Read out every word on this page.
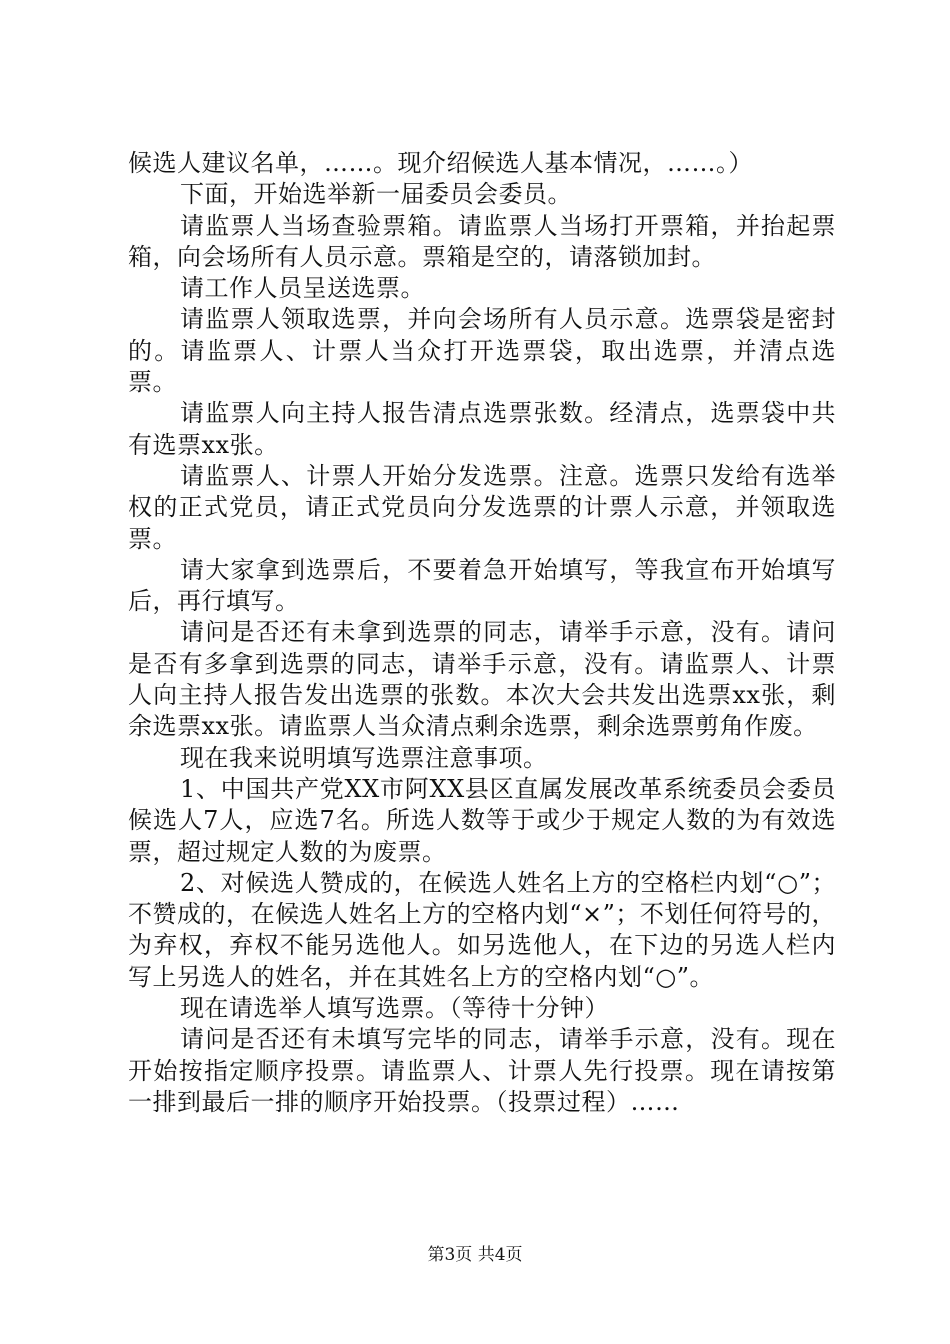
候选人建议名单，……。现介绍候选人基本情况，……。）

下面，开始选举新一届委员会委员。

请监票人当场查验票箱。请监票人当场打开票箱，并抬起票箱，向会场所有人员示意。票箱是空的，请落锁加封。

请工作人员呈送选票。

请监票人领取选票，并向会场所有人员示意。选票袋是密封的。请监票人、计票人当众打开选票袋，取出选票，并清点选票。

请监票人向主持人报告清点选票张数。经清点，选票袋中共有选票xx张。

请监票人、计票人开始分发选票。注意。选票只发给有选举权的正式党员，请正式党员向分发选票的计票人示意，并领取选票。

请大家拿到选票后，不要着急开始填写，等我宣布开始填写后，再行填写。

请问是否还有未拿到选票的同志，请举手示意，没有。请问是否有多拿到选票的同志，请举手示意，没有。请监票人、计票人向主持人报告发出选票的张数。本次大会共发出选票xx张，剩余选票xx张。请监票人当众清点剩余选票，剩余选票剪角作废。

现在我来说明填写选票注意事项。

1、中国共产党XX市阿XX县区直属发展改革系统委员会委员候选人7人，应选7名。所选人数等于或少于规定人数的为有效选票，超过规定人数的为废票。

2、对候选人赞成的，在候选人姓名上方的空格栏内划“○”；不赞成的，在候选人姓名上方的空格内划“×”；不划任何符号的，为弃权，弃权不能另选他人。如另选他人，在下边的另选人栏内写上另选人的姓名，并在其姓名上方的空格内划“○”。

现在请选举人填写选票。（等待十分钟）

请问是否还有未填写完毕的同志，请举手示意，没有。现在开始按指定顺序投票。请监票人、计票人先行投票。现在请按第一排到最后一排的顺序开始投票。（投票过程）……

第3页 共4页
